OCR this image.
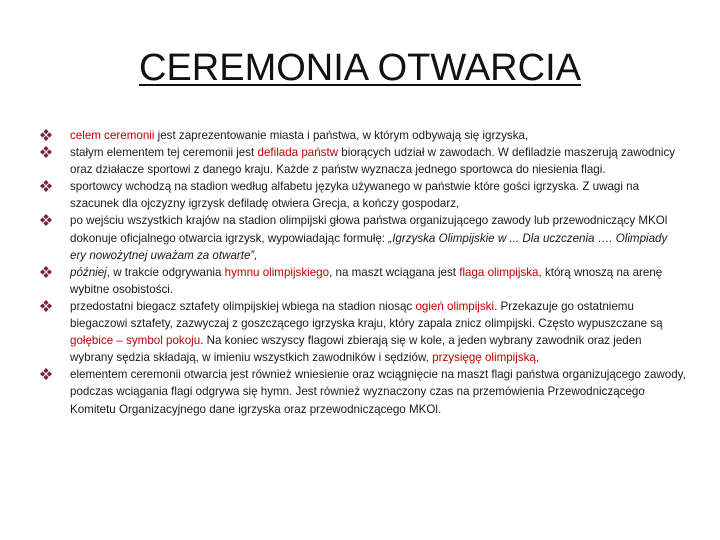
CEREMONIA OTWARCIA
celem ceremonii jest zaprezentowanie miasta i państwa, w którym odbywają się igrzyska,
stałym elementem tej ceremonii jest defilada państw biorących udział w zawodach. W defiladzie maszerują zawodnicy oraz działacze sportowi z danego kraju. Każde z państw wyznacza jednego sportowca do niesienia flagi.
sportowcy wchodzą na stadion według alfabetu języka używanego w państwie które gości igrzyska. Z uwagi na szacunek dla ojczyzny igrzysk defiladę otwiera Grecja, a kończy gospodarz,
po wejściu wszystkich krajów na stadion olimpijski głowa państwa organizującego zawody lub przewodniczący MKOl dokonuje oficjalnego otwarcia igrzysk, wypowiadając formułę: „Igrzyska Olimpijskie w ... Dla uczczenia …. Olimpiady ery nowożytnej uważam za otwarte”,
później, w trakcie odgrywania hymnu olimpijskiego, na maszt wciągana jest flaga olimpijska, którą wnoszą na arenę wybitne osobistości.
przedostatni biegacz sztafety olimpijskiej wbiega na stadion niosąc ogień olimpijski. Przekazuje go ostatniemu biegaczowi sztafety, zazwyczaj z goszczącego igrzyska kraju, który zapala znicz olimpijski. Często wypuszczane są gołębice – symbol pokoju. Na koniec wszyscy flagowi zbierają się w kole, a jeden wybrany zawodnik oraz jeden wybrany sędzia składają, w imieniu wszystkich zawodników i sędziów, przysięgę olimpijską,
elementem ceremonii otwarcia jest również wniesienie oraz wciągnięcie na maszt flagi państwa organizującego zawody, podczas wciągania flagi odgrywa się hymn. Jest również wyznaczony czas na przemówienia Przewodniczącego Komitetu Organizacyjnego dane igrzyska oraz przewodniczącego MKOl.
